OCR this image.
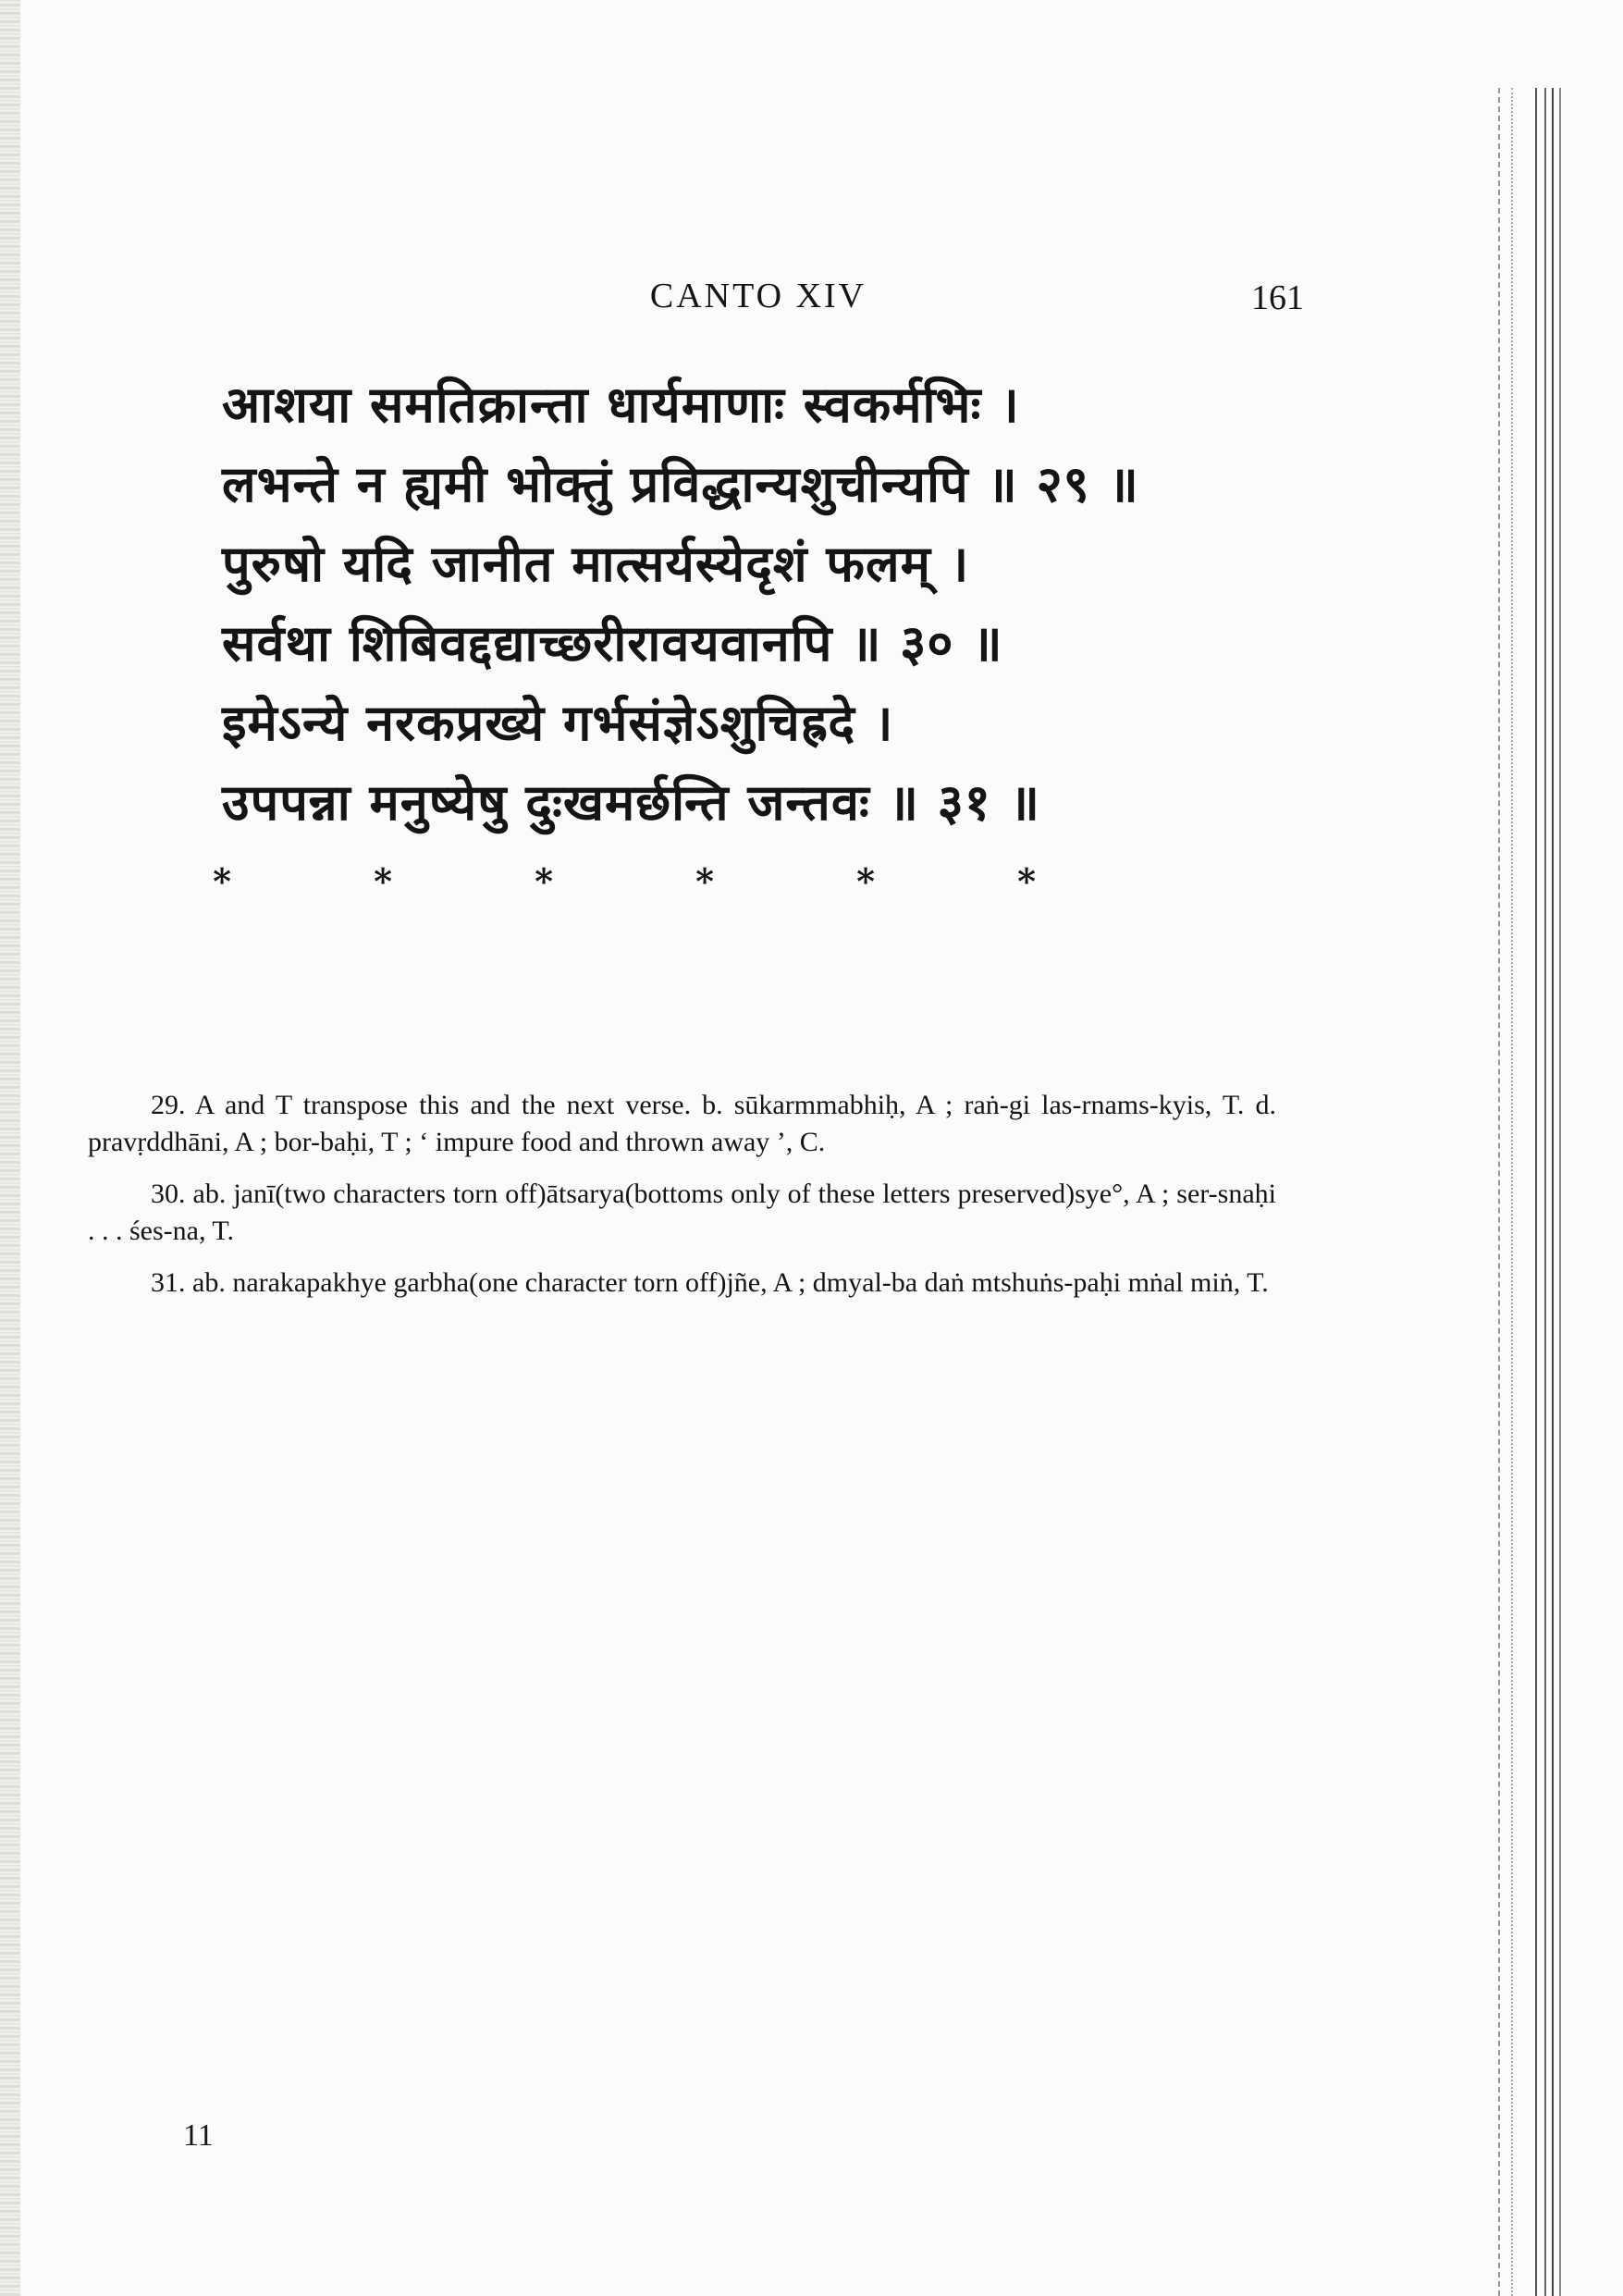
CANTO XIV	161
आशया समतिक्रान्ता धार्यमाणाः स्वकर्मभिः ।
लभन्ते न ह्यमी भोक्तुं प्रविद्धान्यशुचीन्यपि ॥ २९ ॥
पुरुषो यदि जानीत मात्सर्यस्येदृशं फलम् ।
सर्वथा शिबिवद्दद्याच्छरीरावयवानपि ॥ ३० ॥
इमेऽन्ये नरकप्रख्ये गर्भसंज्ञेऽशुचिह्रदे ।
उपपन्ना मनुष्येषु दुःखमर्छन्ति जन्तवः ॥ ३१ ॥
*	*	*	*	*	*

29. A and T transpose this and the next verse. b. sūkarmmabhiḥ, A ; raṅ-gi las-rnams-kyis, T. d. pravṛddhāni, A ; bor-baḥi, T ; ‘ impure food and thrown away ’, C.

30. ab. janī(two characters torn off)ātsarya(bottoms only of these letters preserved)sye°, A ; ser-snaḥi . . . śes-na, T.

31. ab. narakapakhye garbha(one character torn off)jñe, A ; dmyal-ba daṅ mtshuṅs-paḥi mṅal miṅ, T.

11
